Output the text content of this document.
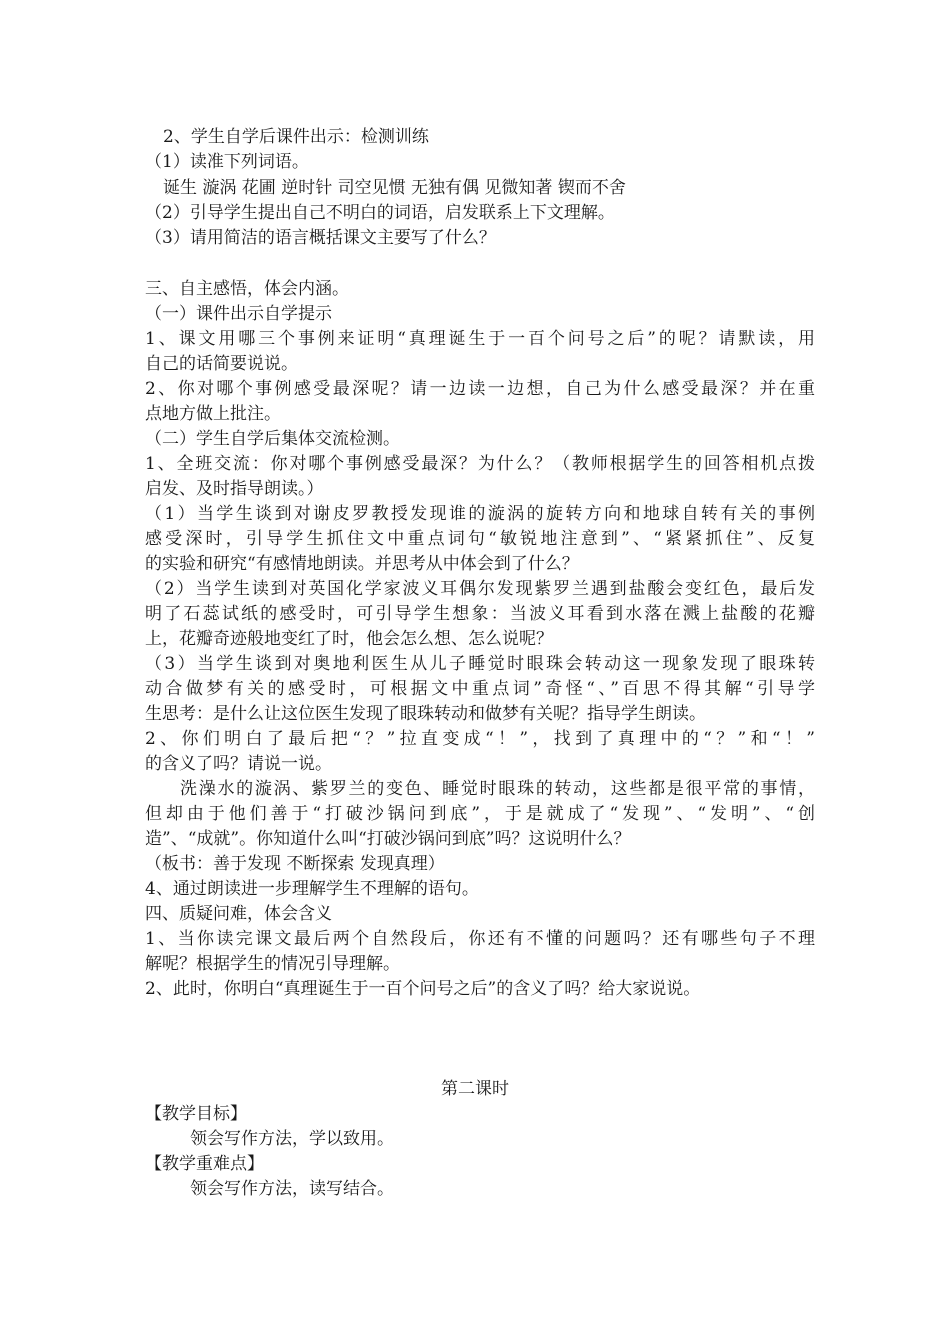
2、学生自学后课件出示：检测训练
（1）读准下列词语。
诞生 漩涡 花圃 逆时针 司空见惯 无独有偶 见微知著 锲而不舍
（2）引导学生提出自己不明白的词语，启发联系上下文理解。
（3）请用简洁的语言概括课文主要写了什么？
三、自主感悟，体会内涵。
（一）课件出示自学提示
1、课文用哪三个事例来证明“真理诞生于一百个问号之后”的呢？请默读，用
自己的话简要说说。
2、你对哪个事例感受最深呢？请一边读一边想，自己为什么感受最深？并在重
点地方做上批注。
（二）学生自学后集体交流检测。
1、全班交流：你对哪个事例感受最深？为什么？（教师根据学生的回答相机点拨
启发、及时指导朗读。）
（1）当学生谈到对谢皮罗教授发现谁的漩涡的旋转方向和地球自转有关的事例
感受深时，引导学生抓住文中重点词句“敏锐地注意到”、“紧紧抓住”、反复
的实验和研究“有感情地朗读。并思考从中体会到了什么？
（2）当学生读到对英国化学家波义耳偶尔发现紫罗兰遇到盐酸会变红色，最后发
明了石蕊试纸的感受时，可引导学生想象：当波义耳看到水落在溅上盐酸的花瓣
上，花瓣奇迹般地变红了时，他会怎么想、怎么说呢？
（3）当学生谈到对奥地利医生从儿子睡觉时眼珠会转动这一现象发现了眼珠转
动合做梦有关的感受时，可根据文中重点词”奇怪“、”百思不得其解“引导学
生思考：是什么让这位医生发现了眼珠转动和做梦有关呢？指导学生朗读。
2、你们明白了最后把“？”拉直变成“！”，找到了真理中的“？”和“！”
的含义了吗？请说一说。
洗澡水的漩涡、紫罗兰的变色、睡觉时眼珠的转动，这些都是很平常的事情，
但却由于他们善于“打破沙锅问到底”，于是就成了“发现”、“发明”、“创
造”、“成就”。你知道什么叫“打破沙锅问到底”吗？这说明什么？
（板书：善于发现 不断探索 发现真理）
4、通过朗读进一步理解学生不理解的语句。
四、质疑问难，体会含义
1、当你读完课文最后两个自然段后，你还有不懂的问题吗？还有哪些句子不理
解呢？根据学生的情况引导理解。
2、此时，你明白“真理诞生于一百个问号之后”的含义了吗？给大家说说。
第二课时
【教学目标】
领会写作方法，学以致用。
【教学重难点】
领会写作方法，读写结合。
